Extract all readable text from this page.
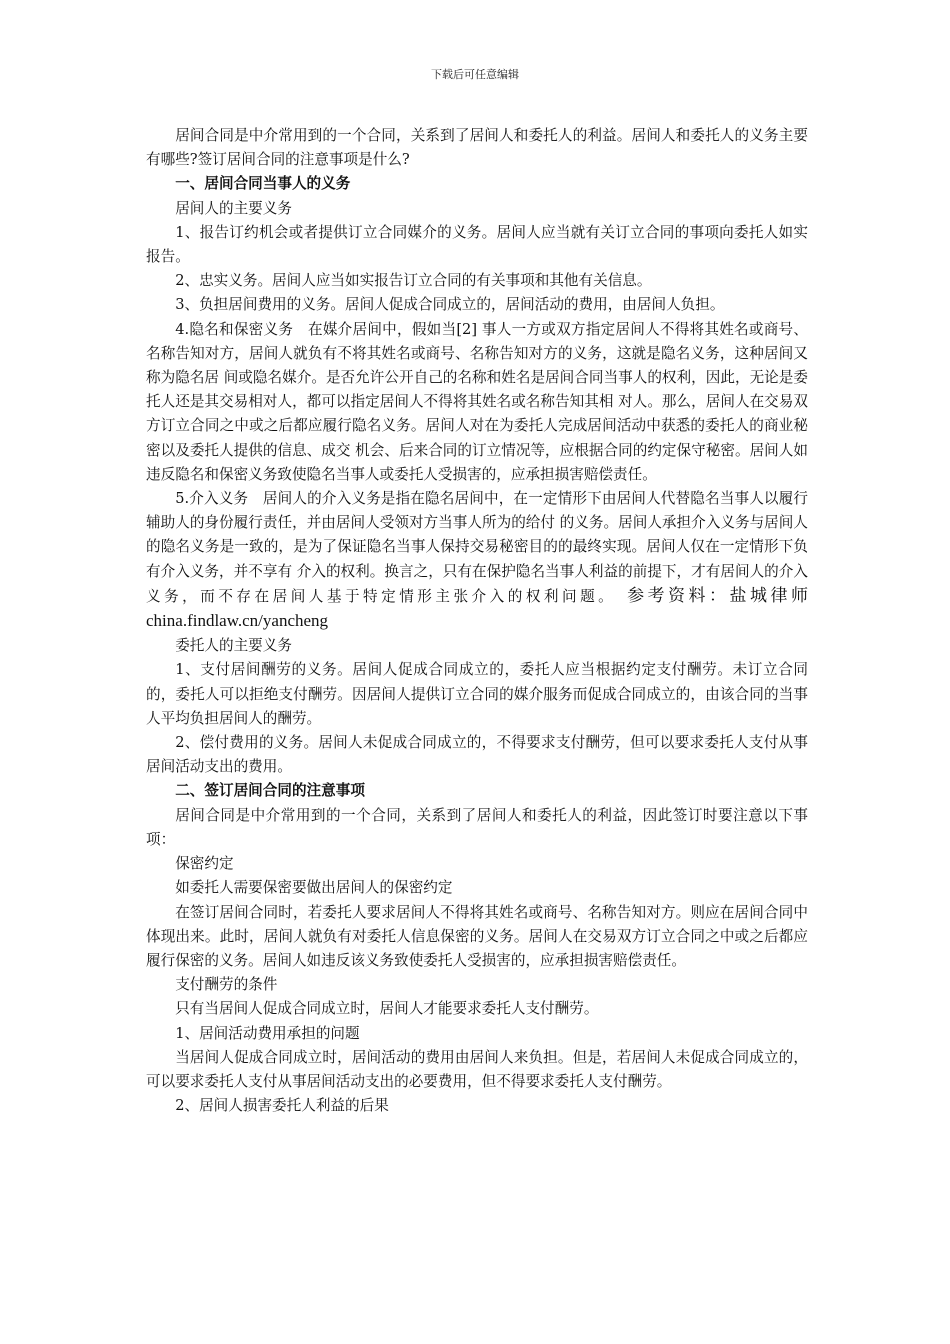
下载后可任意编辑

居间合同是中介常用到的一个合同，关系到了居间人和委托人的利益。居间人和委托人的义务主要有哪些?签订居间合同的注意事项是什么?

一、居间合同当事人的义务

居间人的主要义务

1、报告订约机会或者提供订立合同媒介的义务。居间人应当就有关订立合同的事项向委托人如实报告。

2、忠实义务。居间人应当如实报告订立合同的有关事项和其他有关信息。

3、负担居间费用的义务。居间人促成合同成立的，居间活动的费用，由居间人负担。

4.隐名和保密义务　在媒介居间中，假如当[2] 事人一方或双方指定居间人不得将其姓名或商号、名称告知对方，居间人就负有不将其姓名或商号、名称告知对方的义务，这就是隐名义务，这种居间又称为隐名居 间或隐名媒介。是否允许公开自己的名称和姓名是居间合同当事人的权利，因此，无论是委托人还是其交易相对人，都可以指定居间人不得将其姓名或名称告知其相 对人。那么，居间人在交易双方订立合同之中或之后都应履行隐名义务。居间人对在为委托人完成居间活动中获悉的委托人的商业秘密以及委托人提供的信息、成交 机会、后来合同的订立情况等，应根据合同的约定保守秘密。居间人如违反隐名和保密义务致使隐名当事人或委托人受损害的，应承担损害赔偿责任。

5.介入义务　居间人的介入义务是指在隐名居间中，在一定情形下由居间人代替隐名当事人以履行辅助人的身份履行责任，并由居间人受领对方当事人所为的给付 的义务。居间人承担介入义务与居间人的隐名义务是一致的，是为了保证隐名当事人保持交易秘密目的的最终实现。居间人仅在一定情形下负有介入义务，并不享有 介入的权利。换言之，只有在保护隐名当事人利益的前提下，才有居间人的介入义务，而不存在居间人基于特定情形主张介入的权利问题。　 参考资料：盐城律师 china.findlaw.cn/yancheng

委托人的主要义务

1、支付居间酬劳的义务。居间人促成合同成立的，委托人应当根据约定支付酬劳。未订立合同的，委托人可以拒绝支付酬劳。因居间人提供订立合同的媒介服务而促成合同成立的，由该合同的当事人平均负担居间人的酬劳。

2、偿付费用的义务。居间人未促成合同成立的，不得要求支付酬劳，但可以要求委托人支付从事居间活动支出的费用。

二、签订居间合同的注意事项

居间合同是中介常用到的一个合同，关系到了居间人和委托人的利益，因此签订时要注意以下事项：

保密约定

如委托人需要保密要做出居间人的保密约定

在签订居间合同时，若委托人要求居间人不得将其姓名或商号、名称告知对方。则应在居间合同中体现出来。此时，居间人就负有对委托人信息保密的义务。居间人在交易双方订立合同之中或之后都应履行保密的义务。居间人如违反该义务致使委托人受损害的，应承担损害赔偿责任。

支付酬劳的条件

只有当居间人促成合同成立时，居间人才能要求委托人支付酬劳。

1、居间活动费用承担的问题

当居间人促成合同成立时，居间活动的费用由居间人来负担。但是，若居间人未促成合同成立的，可以要求委托人支付从事居间活动支出的必要费用，但不得要求委托人支付酬劳。

2、居间人损害委托人利益的后果
